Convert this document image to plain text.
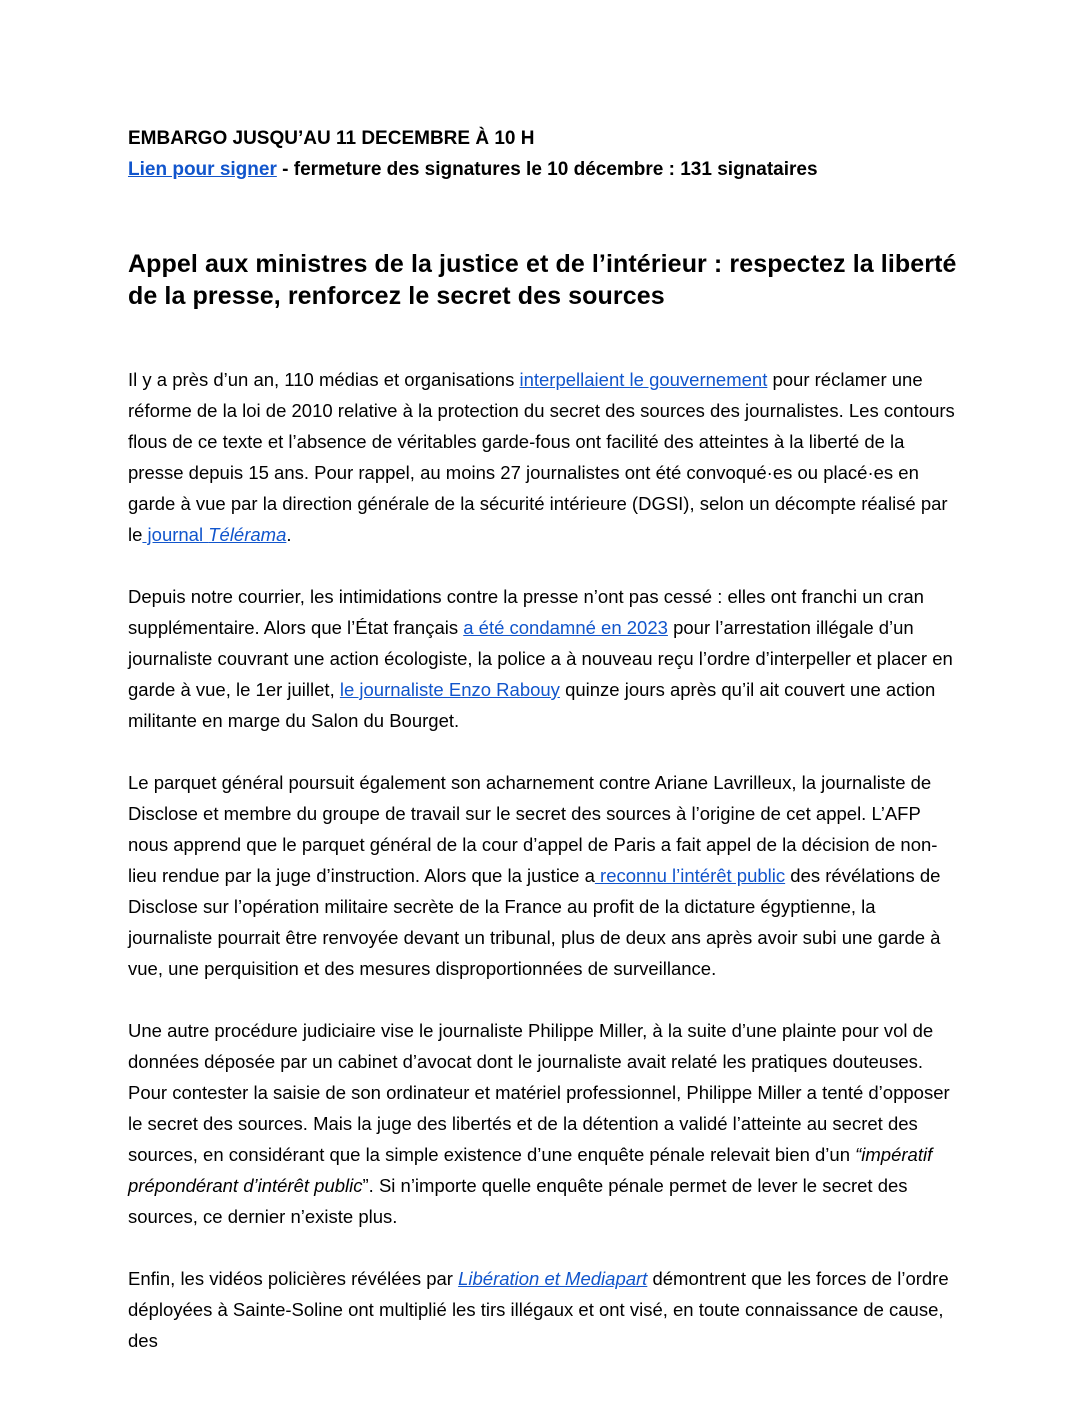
EMBARGO JUSQU’AU 11 DECEMBRE À 10 H
Lien pour signer - fermeture des signatures le 10 décembre : 131 signataires
Appel aux ministres de la justice et de l’intérieur : respectez la liberté de la presse, renforcez le secret des sources

Il y a près d’un an, 110 médias et organisations interpellaient le gouvernement pour réclamer une réforme de la loi de 2010 relative à la protection du secret des sources des journalistes. Les contours flous de ce texte et l’absence de véritables garde-fous ont facilité des atteintes à la liberté de la presse depuis 15 ans. Pour rappel, au moins 27 journalistes ont été convoqué·es ou placé·es en garde à vue par la direction générale de la sécurité intérieure (DGSI), selon un décompte réalisé par le journal Télérama.

Depuis notre courrier, les intimidations contre la presse n’ont pas cessé : elles ont franchi un cran supplémentaire. Alors que l’État français a été condamné en 2023 pour l’arrestation illégale d’un journaliste couvrant une action écologiste, la police a à nouveau reçu l’ordre d’interpeller et placer en garde à vue, le 1er juillet, le journaliste Enzo Rabouy quinze jours après qu’il ait couvert une action militante en marge du Salon du Bourget.

Le parquet général poursuit également son acharnement contre Ariane Lavrilleux, la journaliste de Disclose et membre du groupe de travail sur le secret des sources à l’origine de cet appel. L’AFP nous apprend que le parquet général de la cour d’appel de Paris a fait appel de la décision de non-lieu rendue par la juge d’instruction. Alors que la justice a reconnu l’intérêt public des révélations de Disclose sur l’opération militaire secrète de la France au profit de la dictature égyptienne, la journaliste pourrait être renvoyée devant un tribunal, plus de deux ans après avoir subi une garde à vue, une perquisition et des mesures disproportionnées de surveillance.

Une autre procédure judiciaire vise le journaliste Philippe Miller, à la suite d’une plainte pour vol de données déposée par un cabinet d’avocat dont le journaliste avait relaté les pratiques douteuses. Pour contester la saisie de son ordinateur et matériel professionnel, Philippe Miller a tenté d’opposer le secret des sources. Mais la juge des libertés et de la détention a validé l’atteinte au secret des sources, en considérant que la simple existence d’une enquête pénale relevait bien d’un “impératif prépondérant d’intérêt public”. Si n’importe quelle enquête pénale permet de lever le secret des sources, ce dernier n’existe plus.

Enfin, les vidéos policières révélées par Libération et Mediapart démontrent que les forces de l’ordre déployées à Sainte-Soline ont multiplié les tirs illégaux et ont visé, en toute connaissance de cause, des
